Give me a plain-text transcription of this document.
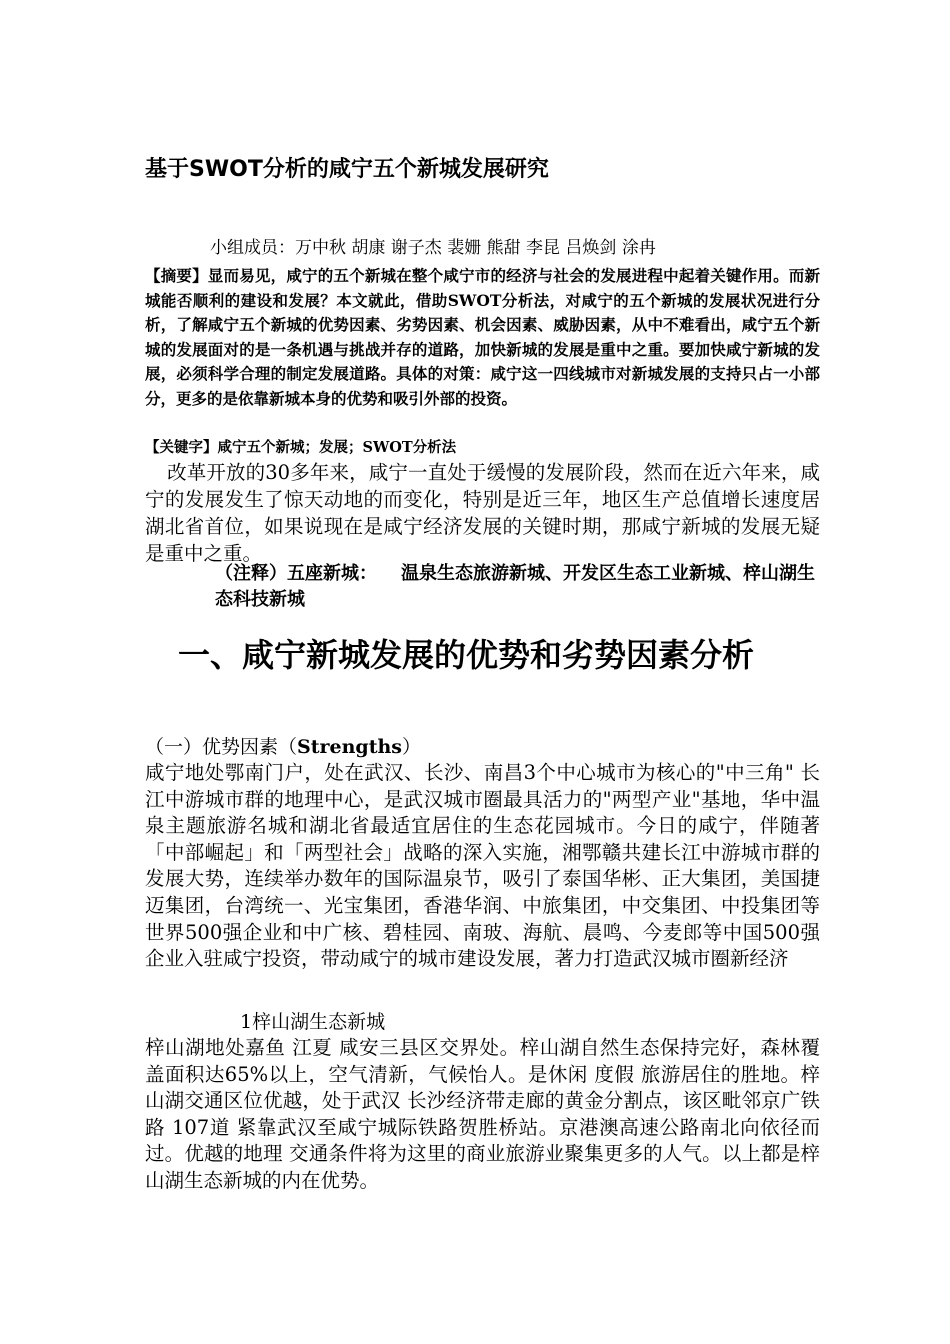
基于SWOT分析的咸宁五个新城发展研究

小组成员：万中秋 胡康 谢子杰 裴姗 熊甜 李昆 吕焕剑 涂冉

【摘要】显而易见，咸宁的五个新城在整个咸宁市的经济与社会的发展进程中起着关键作用。而新城能否顺利的建设和发展？本文就此，借助SWOT分析法，对咸宁的五个新城的发展状况进行分析，了解咸宁五个新城的优势因素、劣势因素、机会因素、威胁因素，从中不难看出，咸宁五个新城的发展面对的是一条机遇与挑战并存的道路，加快新城的发展是重中之重。要加快咸宁新城的发展，必须科学合理的制定发展道路。具体的对策：咸宁这一四线城市对新城发展的支持只占一小部分，更多的是依靠新城本身的优势和吸引外部的投资。

【关键字】咸宁五个新城；发展；SWOT分析法

改革开放的30多年来，咸宁一直处于缓慢的发展阶段，然而在近六年来，咸宁的发展发生了惊天动地的而变化，特别是近三年，地区生产总值增长速度居湖北省首位，如果说现在是咸宁经济发展的关键时期，那咸宁新城的发展无疑是重中之重。

（注释）五座新城： 温泉生态旅游新城、开发区生态工业新城、梓山湖生态科技新城

一、咸宁新城发展的优势和劣势因素分析

（一）优势因素（Strengths）

咸宁地处鄂南门户，处在武汉、长沙、南昌3个中心城市为核心的"中三角" 长江中游城市群的地理中心，是武汉城市圈最具活力的"两型产业"基地，华中温泉主题旅游名城和湖北省最适宜居住的生态花园城市。今日的咸宁，伴随著「中部崛起」和「两型社会」战略的深入实施，湘鄂赣共建长江中游城市群的发展大势，连续举办数年的国际温泉节，吸引了泰国华彬、正大集团，美国捷迈集团，台湾统一、光宝集团，香港华润、中旅集团，中交集团、中投集团等世界500强企业和中广核、碧桂园、南玻、海航、晨鸣、今麦郎等中国500强企业入驻咸宁投资，带动咸宁的城市建设发展，著力打造武汉城市圈新经济

1梓山湖生态新城

梓山湖地处嘉鱼 江夏 咸安三县区交界处。梓山湖自然生态保持完好，森林覆盖面积达65%以上，空气清新，气候怡人。是休闲 度假 旅游居住的胜地。梓山湖交通区位优越，处于武汉 长沙经济带走廊的黄金分割点，该区毗邻京广铁路 107道 紧靠武汉至咸宁城际铁路贺胜桥站。京港澳高速公路南北向依径而过。优越的地理 交通条件将为这里的商业旅游业聚集更多的人气。以上都是梓山湖生态新城的内在优势。
